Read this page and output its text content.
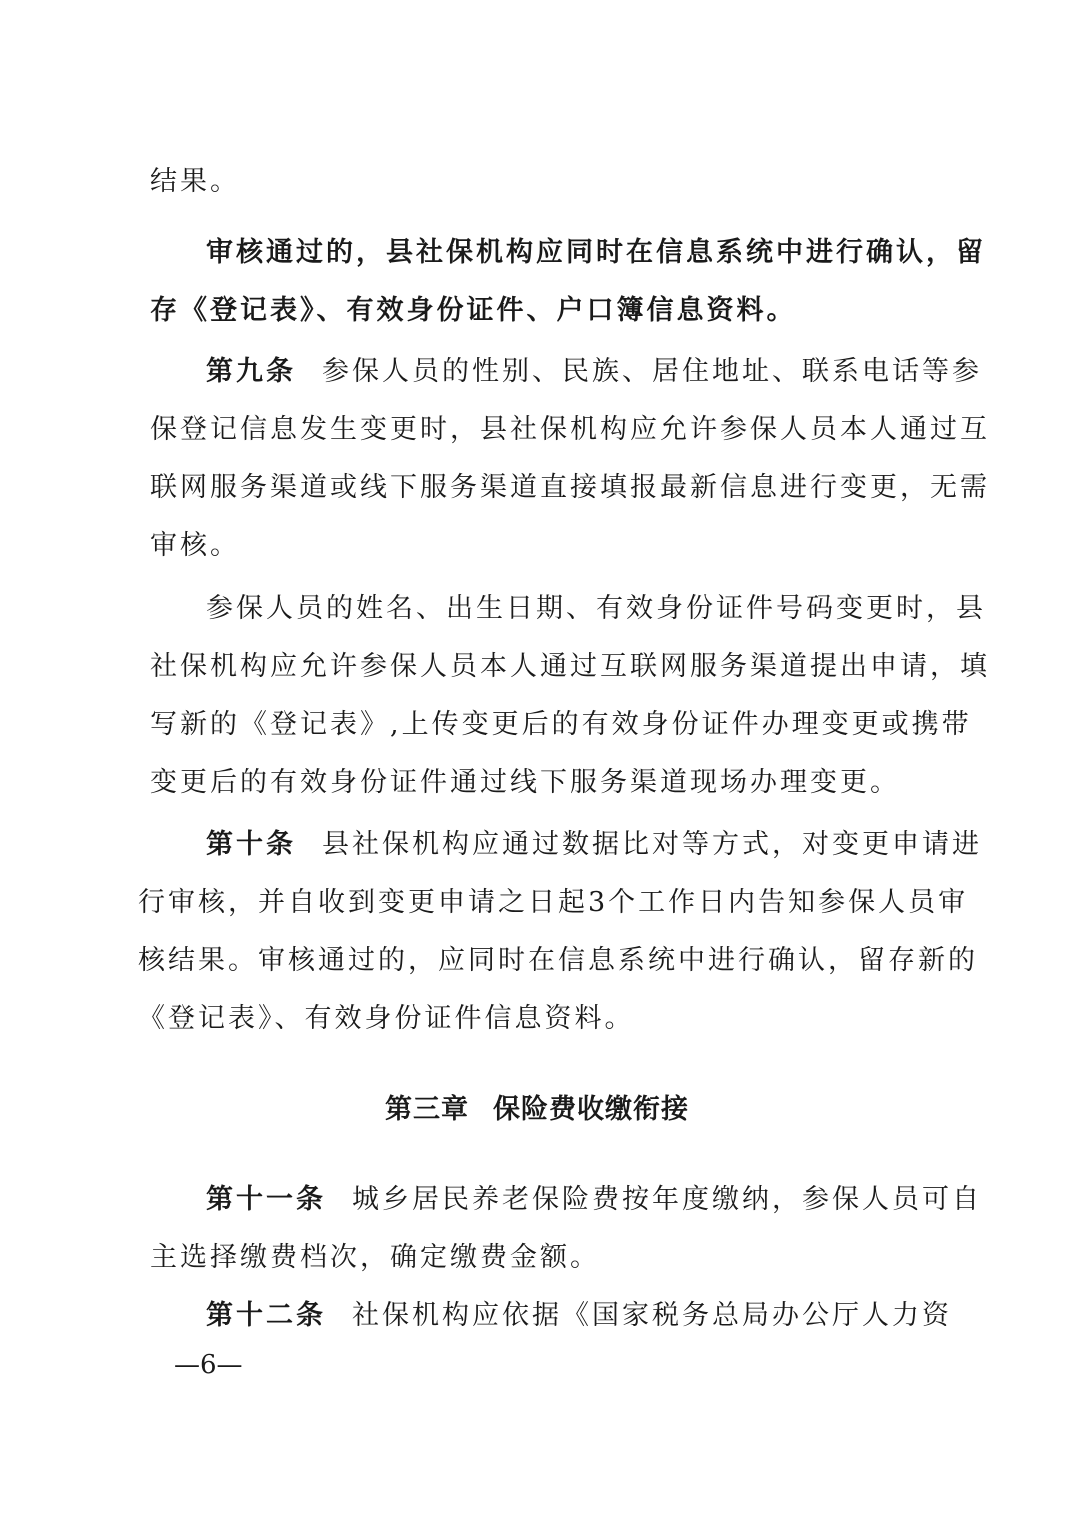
结果。
审核通过的，县社保机构应同时在信息系统中进行确认，留
存《登记表》、有效身份证件、户口簿信息资料。
第九条 参保人员的性别、民族、居住地址、联系电话等参
保登记信息发生变更时，县社保机构应允许参保人员本人通过互
联网服务渠道或线下服务渠道直接填报最新信息进行变更，无需
审核。
参保人员的姓名、出生日期、有效身份证件号码变更时，县
社保机构应允许参保人员本人通过互联网服务渠道提出申请，填
写新的《登记表》,上传变更后的有效身份证件办理变更或携带
变更后的有效身份证件通过线下服务渠道现场办理变更。
第十条 县社保机构应通过数据比对等方式，对变更申请进
行审核，并自收到变更申请之日起3个工作日内告知参保人员审
核结果。审核通过的，应同时在信息系统中进行确认，留存新的
《登记表》、有效身份证件信息资料。
第三章 保险费收缴衔接
第十一条 城乡居民养老保险费按年度缴纳，参保人员可自
主选择缴费档次，确定缴费金额。
第十二条 社保机构应依据《国家税务总局办公厅人力资
—6—
